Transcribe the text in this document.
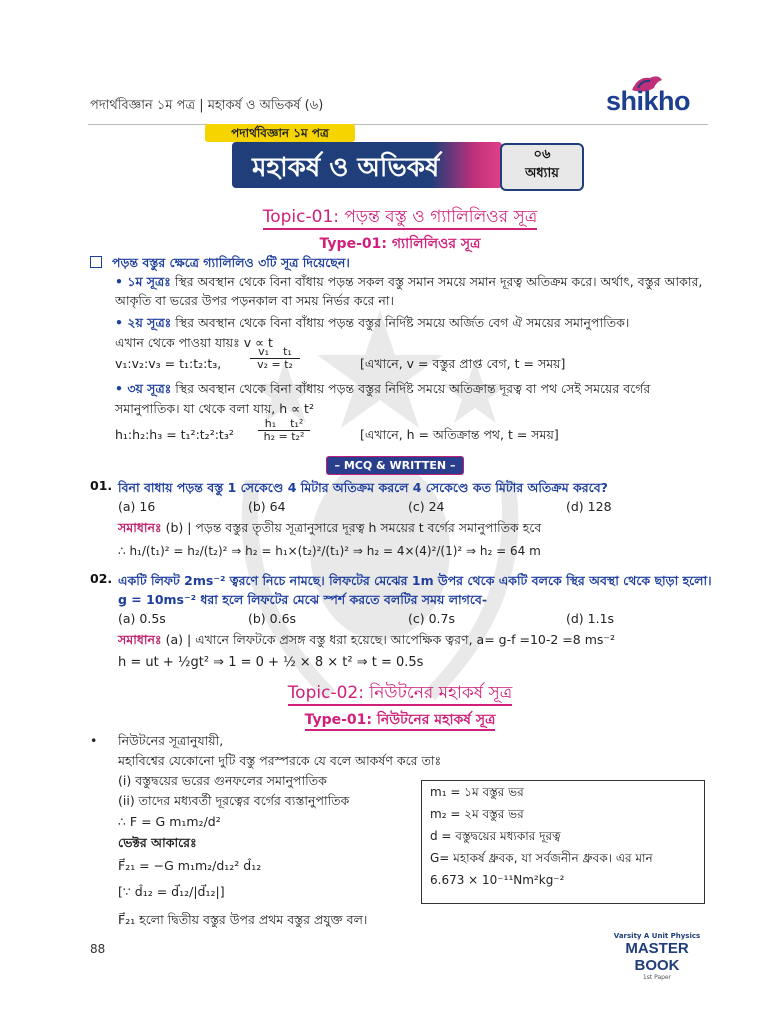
পদার্থবিজ্ঞান ১ম পত্র | মহাকর্ষ ও অভিকর্ষ (৬)	shikho
পদার্থবিজ্ঞান ১ম পত্র
মহাকর্ষ ও অভিকর্ষ	০৬
অধ্যায়
Topic-01: পড়ন্ত বস্তু ও গ্যালিলিওর সূত্র
Type-01: গ্যালিলিওর সূত্র
পড়ন্ত বস্তুর ক্ষেত্রে গ্যালিলিও ৩টি সূত্র দিয়েছেন।
• ১ম সূত্রঃ স্থির অবস্থান থেকে বিনা বাঁধায় পড়ন্ত সকল বস্তু সমান সময়ে সমান দূরত্ব অতিক্রম করে। অর্থাৎ, বস্তুর আকার,
আকৃতি বা ভরের উপর পড়নকাল বা সময় নির্ভর করে না।
• ২য় সূত্রঃ স্থির অবস্থান থেকে বিনা বাঁধায় পড়ন্ত বস্তুর নির্দিষ্ট সময়ে অর্জিত বেগ ঐ সময়ের সমানুপাতিক।
এখান থেকে পাওয়া যায়ঃ v ∝ t
v₁:v₂:v₃ = t₁:t₂:t₃,
v₁    t₁
v₂ = t₂	[এখানে, v = বস্তুর প্রাপ্ত বেগ, t = সময়]
• ৩য় সূত্রঃ স্থির অবস্থান থেকে বিনা বাঁধায় পড়ন্ত বস্তুর নির্দিষ্ট সময়ে অতিক্রান্ত দূরত্ব বা পথ সেই সময়ের বর্গের
সমানুপাতিক। যা থেকে বলা যায়, h ∝ t²
h₁:h₂:h₃ = t₁²:t₂²:t₃²
h₁    t₁²
h₂ = t₂²	[এখানে, h = অতিক্রান্ত পথ, t = সময়]
– MCQ & WRITTEN –
01. বিনা বাধায় পড়ন্ত বস্তু 1 সেকেণ্ডে 4 মিটার অতিক্রম করলে 4 সেকেণ্ডে কত মিটার অতিক্রম করবে?
(a) 16	(b) 64	(c) 24	(d) 128
সমাধানঃ (b) | পড়ন্ত বস্তুর তৃতীয় সূত্রানুসারে দূরত্ব h সময়ের t বর্গের সমানুপাতিক হবে
∴ h₁/(t₁)² = h₂/(t₂)² ⇒ h₂ = h₁×(t₂)²/(t₁)² ⇒ h₂ = 4×(4)²/(1)² ⇒ h₂ = 64 m
02. একটি লিফট 2ms⁻² ত্বরণে নিচে নামছে। লিফটের মেঝের 1m উপর থেকে একটি বলকে স্থির অবস্থা থেকে ছাড়া হলো।
g = 10ms⁻² ধরা হলে লিফটের মেঝে স্পর্শ করতে বলটির সময় লাগবে-
(a) 0.5s	(b) 0.6s	(c) 0.7s	(d) 1.1s
সমাধানঃ (a) | এখানে লিফটকে প্রসঙ্গ বস্তু ধরা হয়েছে। আপেক্ষিক ত্বরণ, a= g-f =10-2 =8 ms⁻²
h = ut + ½gt² ⇒ 1 = 0 + ½ × 8 × t² ⇒ t = 0.5s
Topic-02: নিউটনের মহাকর্ষ সূত্র
Type-01: নিউটনের মহাকর্ষ সূত্র
• নিউটনের সূত্রানুযায়ী,
মহাবিশ্বের যেকোনো দুটি বস্তু পরস্পরকে যে বলে আকর্ষণ করে তাঃ
(i) বস্তুদ্বয়ের ভরের গুনফলের সমানুপাতিক
(ii) তাদের মধ্যবর্তী দূরত্বের বর্গের ব্যস্তানুপাতিক
∴ F = G m₁m₂/d²
ভেক্টর আকারেঃ
F⃗₂₁ = −G m₁m₂/d₁₂² d̂₁₂
[∵ d̂₁₂ = d⃗₁₂/|d⃗₁₂|]
F⃗₂₁ হলো দ্বিতীয় বস্তুর উপর প্রথম বস্তুর প্রযুক্ত বল।
m₁ = ১ম বস্তুর ভর
m₂ = ২ম বস্তুর ভর
d = বস্তুদ্বয়ের মধ্যকার দূরত্ব
G= মহাকর্ষ ধ্রুবক, যা সর্বজনীন ধ্রুবক। এর মান
6.673 × 10⁻¹¹Nm²kg⁻²
88
Varsity A Unit Physics
MASTER BOOK
1st Paper
